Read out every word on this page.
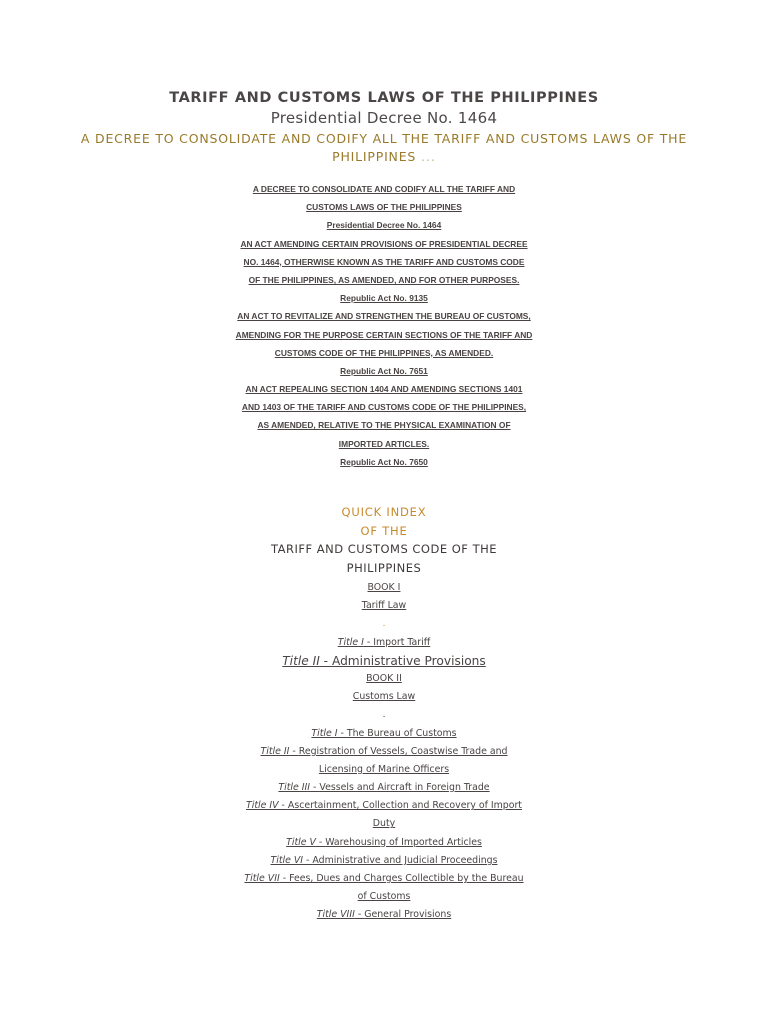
TARIFF AND CUSTOMS LAWS OF THE PHILIPPINES
Presidential Decree No. 1464
A DECREE TO CONSOLIDATE AND CODIFY ALL THE TARIFF AND CUSTOMS LAWS OF THE
PHILIPPINES ...
A DECREE TO CONSOLIDATE AND CODIFY ALL THE TARIFF AND
CUSTOMS LAWS OF THE PHILIPPINES
Presidential Decree No. 1464
AN ACT AMENDING CERTAIN PROVISIONS OF PRESIDENTIAL DECREE
NO. 1464, OTHERWISE KNOWN AS THE TARIFF AND CUSTOMS CODE
OF THE PHILIPPINES, AS AMENDED, AND FOR OTHER PURPOSES.
Republic Act No. 9135
AN ACT TO REVITALIZE AND STRENGTHEN THE BUREAU OF CUSTOMS,
AMENDING FOR THE PURPOSE CERTAIN SECTIONS OF THE TARIFF AND
CUSTOMS CODE OF THE PHILIPPINES, AS AMENDED.
Republic Act No. 7651
AN ACT REPEALING SECTION 1404 AND AMENDING SECTIONS 1401
AND 1403 OF THE TARIFF AND CUSTOMS CODE OF THE PHILIPPINES,
AS AMENDED, RELATIVE TO THE PHYSICAL EXAMINATION OF
IMPORTED ARTICLES.
Republic Act No. 7650
QUICK INDEX
OF THE
TARIFF AND CUSTOMS CODE OF THE
PHILIPPINES
BOOK I
Tariff Law
.
Title I - Import Tariff
Title II - Administrative Provisions
BOOK II
Customs Law
.
Title I - The Bureau of Customs
Title II - Registration of Vessels, Coastwise Trade and
Licensing of Marine Officers
Title III - Vessels and Aircraft in Foreign Trade
Title IV - Ascertainment, Collection and Recovery of Import
Duty
Title V - Warehousing of Imported Articles
Title VI - Administrative and Judicial Proceedings
Title VII - Fees, Dues and Charges Collectible by the Bureau
of Customs
Title VIII - General Provisions
